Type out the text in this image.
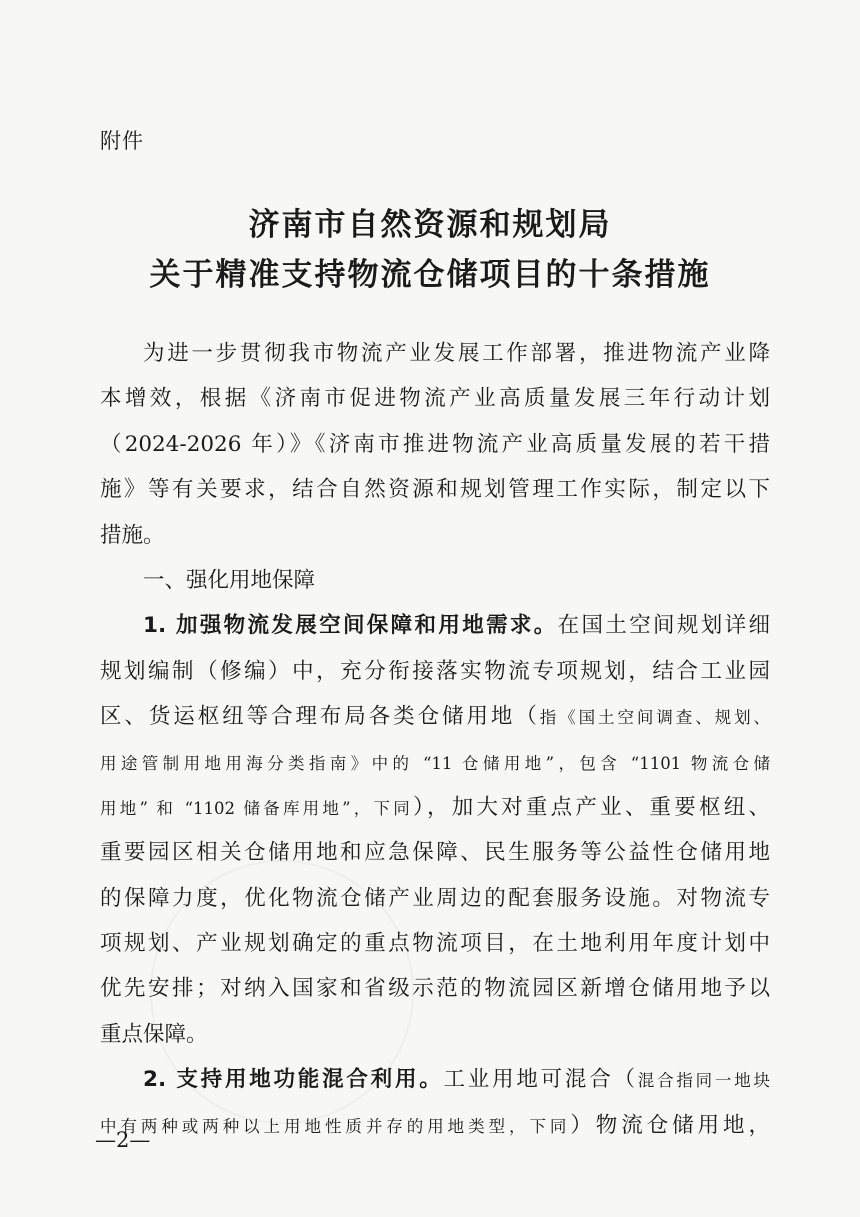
附件
济南市自然资源和规划局
关于精准支持物流仓储项目的十条措施
为进一步贯彻我市物流产业发展工作部署，推进物流产业降
本增效，根据《济南市促进物流产业高质量发展三年行动计划
（2024-2026 年）》《济南市推进物流产业高质量发展的若干措
施》等有关要求，结合自然资源和规划管理工作实际，制定以下
措施。
一、强化用地保障
1. 加强物流发展空间保障和用地需求。在国土空间规划详细
规划编制（修编）中，充分衔接落实物流专项规划，结合工业园
区、货运枢纽等合理布局各类仓储用地（指《国土空间调查、规划、
用途管制用地用海分类指南》中的 “11 仓储用地”，包含 “1101 物流仓储
用地” 和 “1102 储备库用地”，下同），加大对重点产业、重要枢纽、
重要园区相关仓储用地和应急保障、民生服务等公益性仓储用地
的保障力度，优化物流仓储产业周边的配套服务设施。对物流专
项规划、产业规划确定的重点物流项目，在土地利用年度计划中
优先安排；对纳入国家和省级示范的物流园区新增仓储用地予以
重点保障。
2. 支持用地功能混合利用。工业用地可混合（混合指同一地块
中有两种或两种以上用地性质并存的用地类型，下同）物流仓储用地，
—2—
